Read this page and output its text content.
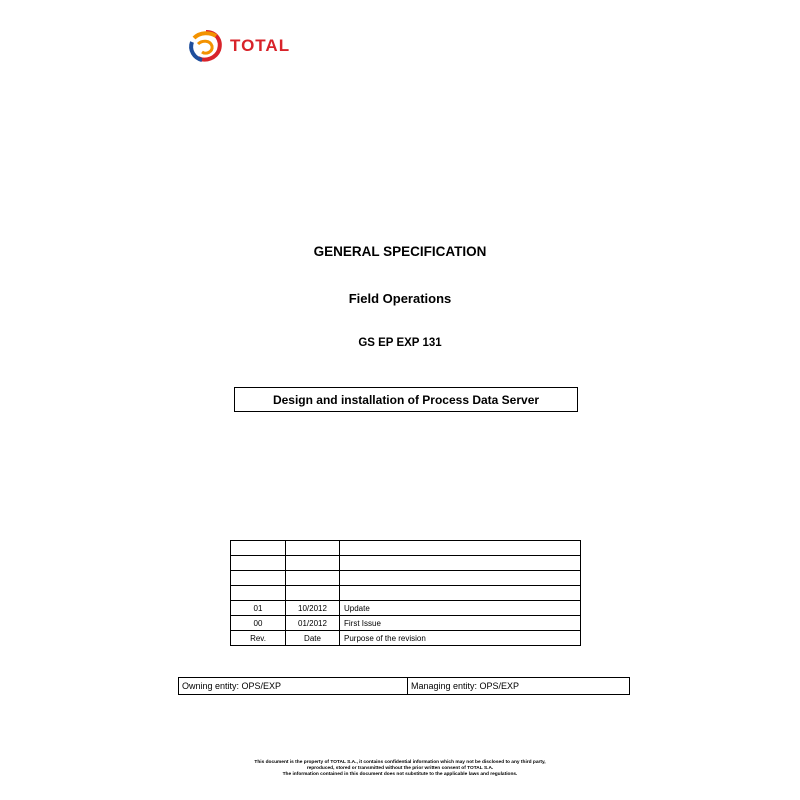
TOTAL
GENERAL SPECIFICATION
Field Operations
GS EP EXP 131
Design and installation of Process Data Server

01	10/2012	Update
00	01/2012	First Issue
Rev.	Date	Purpose of the revision
Owning entity: OPS/EXP	Managing entity: OPS/EXP
This document is the property of TOTAL S.A., it contains confidential information which may not be disclosed to any third party,
reproduced, stored or transmitted without the prior written consent of TOTAL S.A.
The information contained in this document does not substitute to the applicable laws and regulations.
